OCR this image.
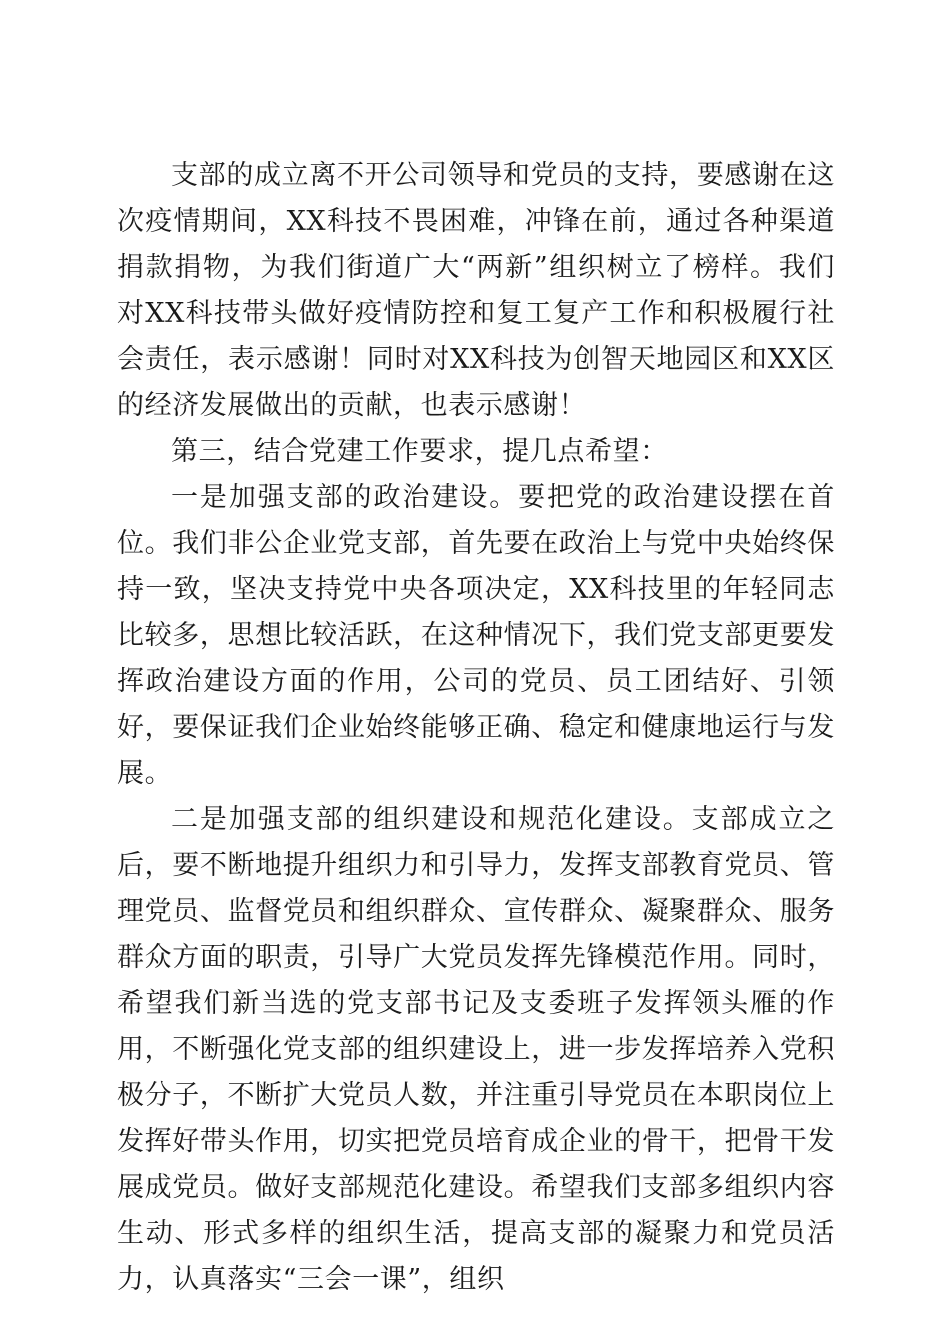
支部的成立离不开公司领导和党员的支持，要感谢在这次疫情期间，XX科技不畏困难，冲锋在前，通过各种渠道捐款捐物，为我们街道广大“两新”组织树立了榜样。我们对XX科技带头做好疫情防控和复工复产工作和积极履行社会责任，表示感谢！同时对XX科技为创智天地园区和XX区的经济发展做出的贡献，也表示感谢！

第三，结合党建工作要求，提几点希望：

一是加强支部的政治建设。要把党的政治建设摆在首位。我们非公企业党支部，首先要在政治上与党中央始终保持一致，坚决支持党中央各项决定，XX科技里的年轻同志比较多，思想比较活跃，在这种情况下，我们党支部更要发挥政治建设方面的作用，公司的党员、员工团结好、引领好，要保证我们企业始终能够正确、稳定和健康地运行与发展。

二是加强支部的组织建设和规范化建设。支部成立之后，要不断地提升组织力和引导力，发挥支部教育党员、管理党员、监督党员和组织群众、宣传群众、凝聚群众、服务群众方面的职责，引导广大党员发挥先锋模范作用。同时，希望我们新当选的党支部书记及支委班子发挥领头雁的作用，不断强化党支部的组织建设上，进一步发挥培养入党积极分子，不断扩大党员人数，并注重引导党员在本职岗位上发挥好带头作用，切实把党员培育成企业的骨干，把骨干发展成党员。做好支部规范化建设。希望我们支部多组织内容生动、形式多样的组织生活，提高支部的凝聚力和党员活力，认真落实“三会一课”，组织
